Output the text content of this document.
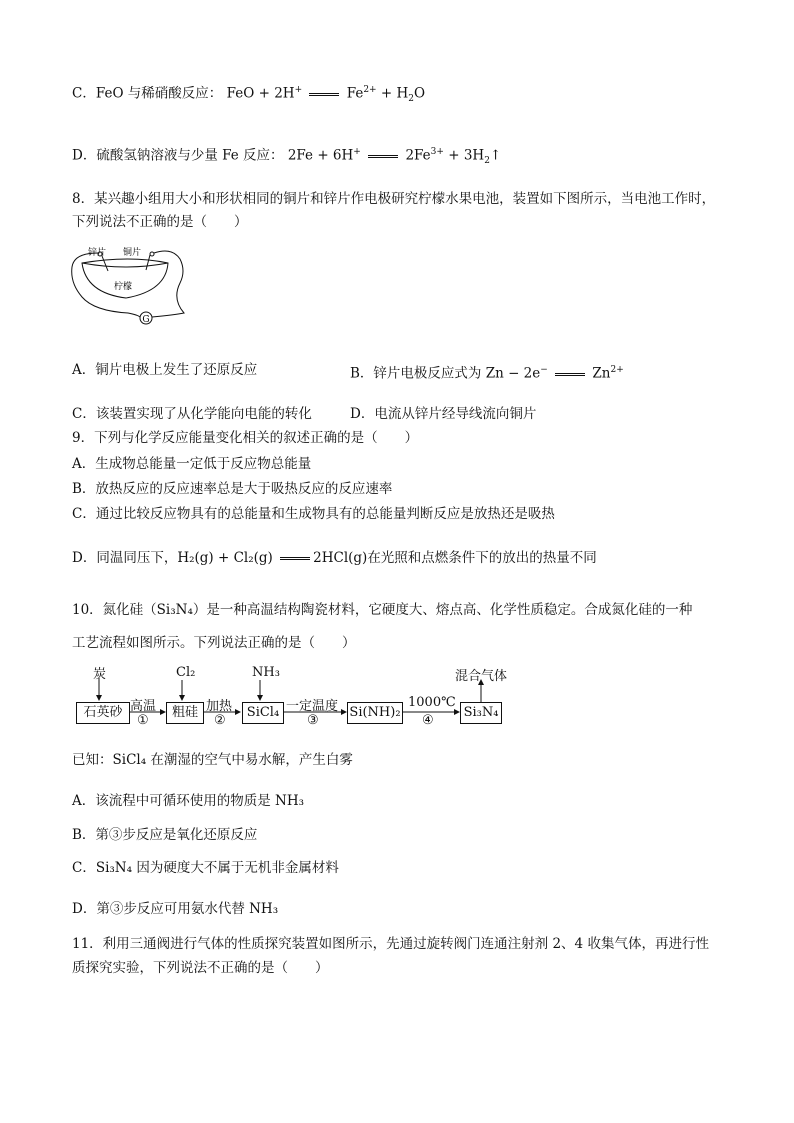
C．FeO 与稀硝酸反应： FeO + 2H+	$Fe^{2+} + H_2O$
D．硫酸氢钠溶液与少量 Fe 反应： 2Fe + 6H+	$2Fe^{3+}$ + $3H_2↑$
8．某兴趣小组用大小和形状相同的铜片和锌片作电极研究柠檬水果电池，装置如下图所示，当电池工作时，
下列说法不正确的是（　　）
G
锌片 铜片
柠檬
A．铜片电极上发生了还原反应	B．锌片电极反应式为 Zn − 2e−	$Zn^{2+}$
C．该装置实现了从化学能向电能的转化	D．电流从锌片经导线流向铜片
9．下列与化学反应能量变化相关的叙述正确的是（　　）
A．生成物总能量一定低于反应物总能量
B．放热反应的反应速率总是大于吸热反应的反应速率
C．通过比较反应物具有的总能量和生成物具有的总能量判断反应是放热还是吸热
D．同温同压下，H₂(g) + Cl₂(g)	2HCl(g)在光照和点燃条件下的放出的热量不同
10．氮化硅（Si₃N₄）是一种高温结构陶瓷材料，它硬度大、熔点高、化学性质稳定。合成氮化硅的一种
工艺流程如图所示。下列说法正确的是（　　）
炭	Cl₂	NH₃	混合气体
石英砂	粗硅	SiCl₄	Si(NH)₂	Si₃N₄
高温	加热	一定温度	1000℃
①	②	③	④
已知：SiCl₄ 在潮湿的空气中易水解，产生白雾
A．该流程中可循环使用的物质是 NH₃
B．第③步反应是氧化还原反应
C．Si₃N₄ 因为硬度大不属于无机非金属材料
D．第③步反应可用氨水代替 NH₃
11．利用三通阀进行气体的性质探究装置如图所示，先通过旋转阀门连通注射剂 2、4 收集气体，再进行性
质探究实验，下列说法不正确的是（　　）
